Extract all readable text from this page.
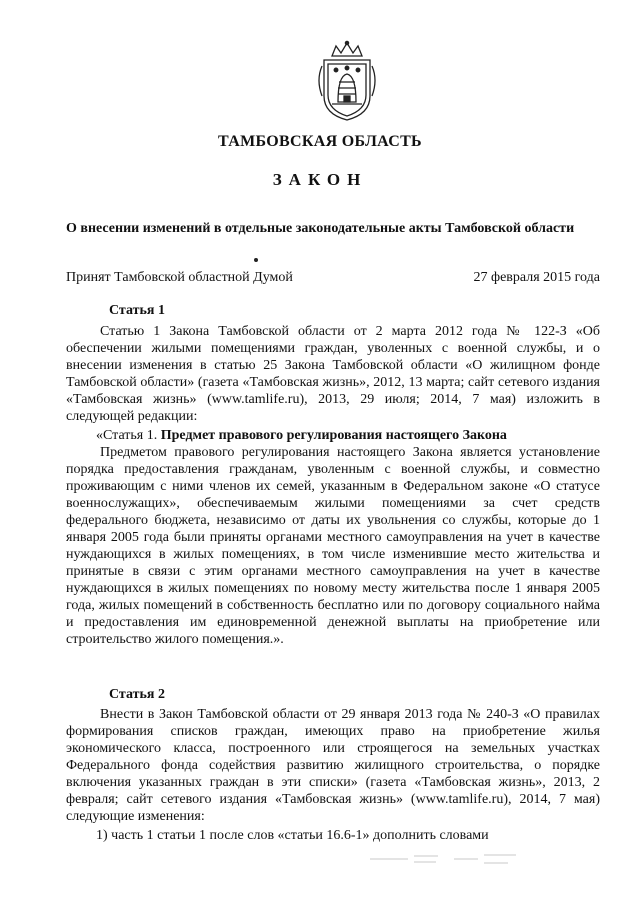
ТАМБОВСКАЯ ОБЛАСТЬ
ЗАКОН
О внесении изменений в отдельные законодательные акты Тамбовской области
Принят Тамбовской областной Думой	27 февраля 2015 года
Статья 1
Статью 1 Закона Тамбовской области от 2 марта 2012 года № 122-З «Об обеспечении жилыми помещениями граждан, уволенных с военной службы, и о внесении изменения в статью 25 Закона Тамбовской области «О жилищном фонде Тамбовской области» (газета «Тамбовская жизнь», 2012, 13 марта; сайт сетевого издания «Тамбовская жизнь» (www.tamlife.ru), 2013, 29 июля; 2014, 7 мая) изложить в следующей редакции:
«Статья 1. Предмет правового регулирования настоящего Закона
Предметом правового регулирования настоящего Закона является установление порядка предоставления гражданам, уволенным с военной службы, и совместно проживающим с ними членов их семей, указанным в Федеральном законе «О статусе военнослужащих», обеспечиваемым жилыми помещениями за счет средств федерального бюджета, независимо от даты их увольнения со службы, которые до 1 января 2005 года были приняты органами местного самоуправления на учет в качестве нуждающихся в жилых помещениях, в том числе изменившие место жительства и принятые в связи с этим органами местного самоуправления на учет в качестве нуждающихся в жилых помещениях по новому месту жительства после 1 января 2005 года, жилых помещений в собственность бесплатно или по договору социального найма и предоставления им единовременной денежной выплаты на приобретение или строительство жилого помещения.».
Статья 2
Внести в Закон Тамбовской области от 29 января 2013 года № 240-З «О правилах формирования списков граждан, имеющих право на приобретение жилья экономического класса, построенного или строящегося на земельных участках Федерального фонда содействия развитию жилищного строительства, о порядке включения указанных граждан в эти списки» (газета «Тамбовская жизнь», 2013, 2 февраля; сайт сетевого издания «Тамбовская жизнь» (www.tamlife.ru), 2014, 7 мая) следующие изменения:
1) часть 1 статьи 1 после слов «статьи 16.6-1» дополнить словами
